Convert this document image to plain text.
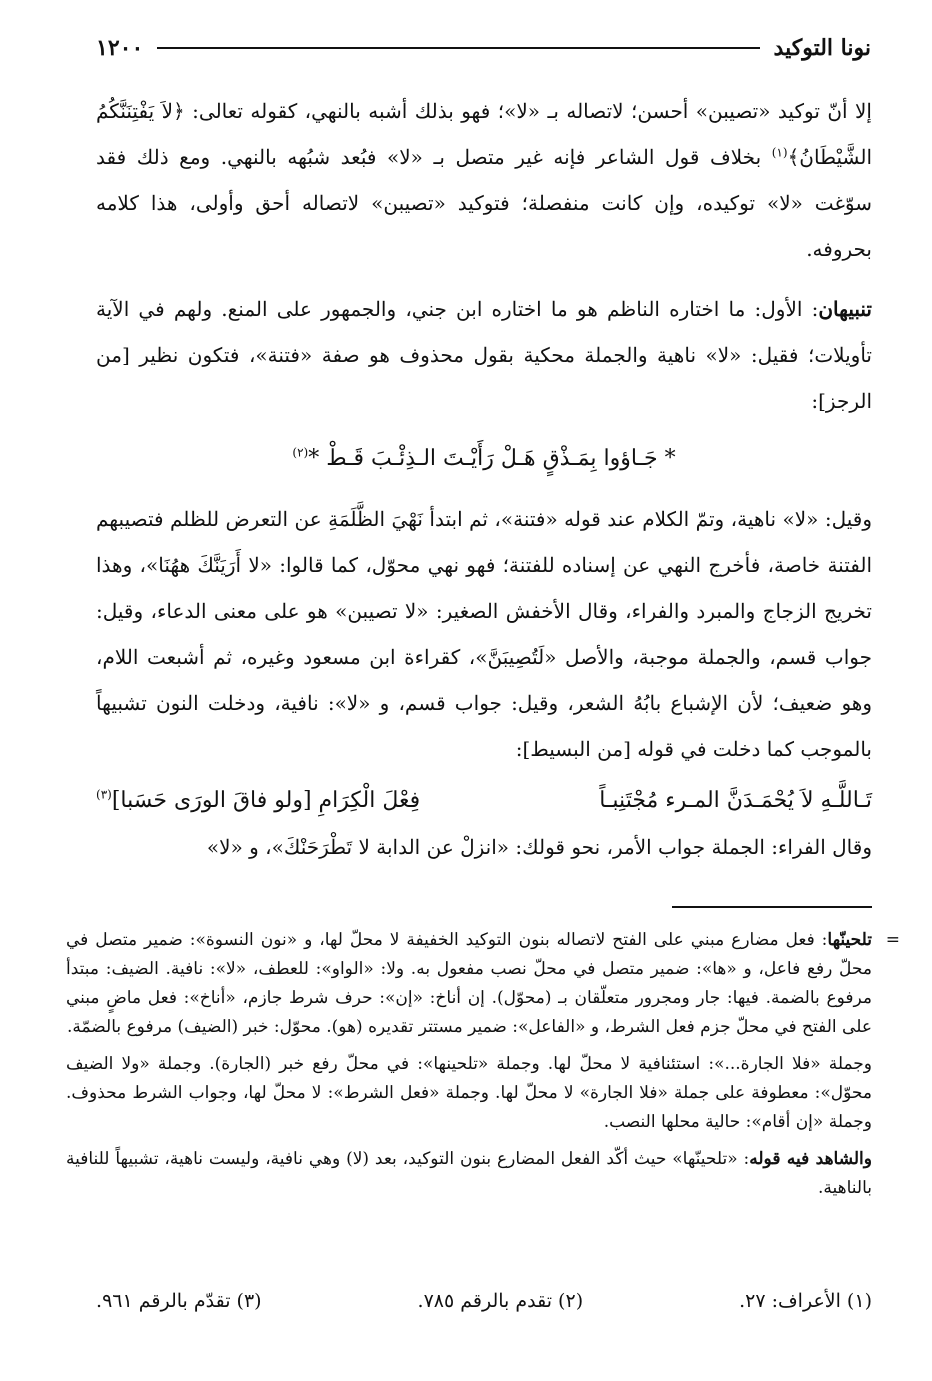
نونا التوكيد
١٢٠٠

إلا أنّ توكيد «تصيبن» أحسن؛ لاتصاله بـ «لا»؛ فهو بذلك أشبه بالنهي، كقوله تعالى: ﴿لاَ يَفْتِنَنَّكُمُ الشَّيْطَانُ﴾$^{(١)}$ بخلاف قول الشاعر فإنه غير متصل بـ «لا» فبُعد شبُهه بالنهي. ومع ذلك فقد سوّغت «لا» توكيده، وإن كانت منفصلة؛ فتوكيد «تصيبن» لاتصاله أحق وأولى، هذا كلامه بحروفه.

تنبيهان: الأول: ما اختاره الناظم هو ما اختاره ابن جني، والجمهور على المنع. ولهم في الآية تأويلات؛ فقيل: «لا» ناهية والجملة محكية بقول محذوف هو صفة «فتنة»، فتكون نظير [من الرجز]:

* جَـاؤوا بِمَـذْقٍ هَـلْ رَأَيْـتَ الـذِئْـبَ قَـطْ *$^{(٢)}$

وقيل: «لا» ناهية، وتمّ الكلام عند قوله «فتنة»، ثم ابتدأ نَهْيَ الظَّلَمَةِ عن التعرض للظلم فتصيبهم الفتنة خاصة، فأخرج النهي عن إسناده للفتنة؛ فهو نهي محوّل، كما قالوا: «لا أَرَيَنَّكَ ههُنَا»، وهذا تخريج الزجاج والمبرد والفراء، وقال الأخفش الصغير: «لا تصيبن» هو على معنى الدعاء، وقيل: جواب قسم، والجملة موجبة، والأصل «لَتُصِيبَنَّ»، كقراءة ابن مسعود وغيره، ثم أشبعت اللام، وهو ضعيف؛ لأن الإشباع بابُهُ الشعر، وقيل: جواب قسم، و «لا»: نافية، ودخلت النون تشبيهاً بالموجب كما دخلت في قوله [من البسيط]:

تَـاللَّـهِ لاَ يُحْمَـدَنَّ المـرء مُجْتَنِبـاً
فِعْلَ الْكِرَامِ [ولو فاقَ الورَى حَسَبا]$^{(٣)}$

وقال الفراء: الجملة جواب الأمر، نحو قولك: «انزلْ عن الدابة لا تَطْرَحَنْكَ»، و «لا»

=

تلحينّها: فعل مضارع مبني على الفتح لاتصاله بنون التوكيد الخفيفة لا محلّ لها، و «نون النسوة»: ضمير متصل في محلّ رفع فاعل، و «ها»: ضمير متصل في محلّ نصب مفعول به. ولا: «الواو»: للعطف، «لا»: نافية. الضيف: مبتدأ مرفوع بالضمة. فيها: جار ومجرور متعلّقان بـ (محوّل). إن أناخ: «إن»: حرف شرط جازم، «أناخ»: فعل ماضٍ مبني على الفتح في محلّ جزم فعل الشرط، و «الفاعل»: ضمير مستتر تقديره (هو). محوّل: خبر (الضيف) مرفوع بالضمّة.

وجملة «فلا الجارة...»: استئنافية لا محلّ لها. وجملة «تلحينها»: في محلّ رفع خبر (الجارة). وجملة «ولا الضيف محوّل»: معطوفة على جملة «فلا الجارة» لا محلّ لها. وجملة «فعل الشرط»: لا محلّ لها، وجواب الشرط محذوف. وجملة «إن أقام»: حالية محلها النصب.

والشاهد فيه قوله: «تلحينّها» حيث أكّد الفعل المضارع بنون التوكيد، بعد (لا) وهي نافية، وليست ناهية، تشبيهاً للنافية بالناهية.

(١) الأعراف: ٢٧.
(٢) تقدم بالرقم ٧٨٥.
(٣) تقدّم بالرقم ٩٦١.
